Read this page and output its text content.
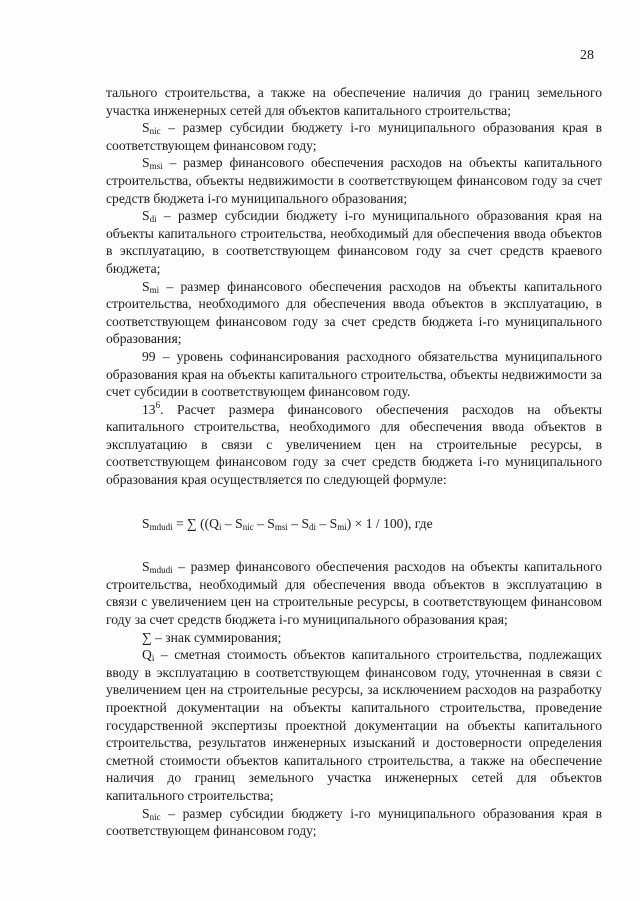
28

тального строительства, а также на обеспечение наличия до границ земельного участка инженерных сетей для объектов капитального строительства;

$S_{nic}$ – размер субсидии бюджету i-го муниципального образования края в соответствующем финансовом году;

$S_{msi}$ – размер финансового обеспечения расходов на объекты капитального строительства, объекты недвижимости в соответствующем финансовом году за счет средств бюджета i-го муниципального образования;

$S_{di}$ – размер субсидии бюджету i-го муниципального образования края на объекты капитального строительства, необходимый для обеспечения ввода объектов в эксплуатацию, в соответствующем финансовом году за счет средств краевого бюджета;

$S_{mi}$ – размер финансового обеспечения расходов на объекты капитального строительства, необходимого для обеспечения ввода объектов в эксплуатацию, в соответствующем финансовом году за счет средств бюджета i-го муниципального образования;

99 – уровень софинансирования расходного обязательства муниципального образования края на объекты капитального строительства, объекты недвижимости за счет субсидии в соответствующем финансовом году.

$13^6$. Расчет размера финансового обеспечения расходов на объекты капитального строительства, необходимого для обеспечения ввода объектов в эксплуатацию в связи с увеличением цен на строительные ресурсы, в соответствующем финансовом году за счет средств бюджета i-го муниципального образования края осуществляется по следующей формуле:

$S_{mdudi}$ = ∑ $((Q_i - S_{nic} - S_{msi} - S_{di} - S_{mi}) \times 1 / 100)$, где

$S_{mdudi}$ – размер финансового обеспечения расходов на объекты капитального строительства, необходимый для обеспечения ввода объектов в эксплуатацию в связи с увеличением цен на строительные ресурсы, в соответствующем финансовом году за счет средств бюджета i-го муниципального образования края;

∑ – знак суммирования;

$Q_i$ – сметная стоимость объектов капитального строительства, подлежащих вводу в эксплуатацию в соответствующем финансовом году, уточненная в связи с увеличением цен на строительные ресурсы, за исключением расходов на разработку проектной документации на объекты капитального строительства, проведение государственной экспертизы проектной документации на объекты капитального строительства, результатов инженерных изысканий и достоверности определения сметной стоимости объектов капитального строительства, а также на обеспечение наличия до границ земельного участка инженерных сетей для объектов капитального строительства;

$S_{nic}$ – размер субсидии бюджету i-го муниципального образования края в соответствующем финансовом году;
